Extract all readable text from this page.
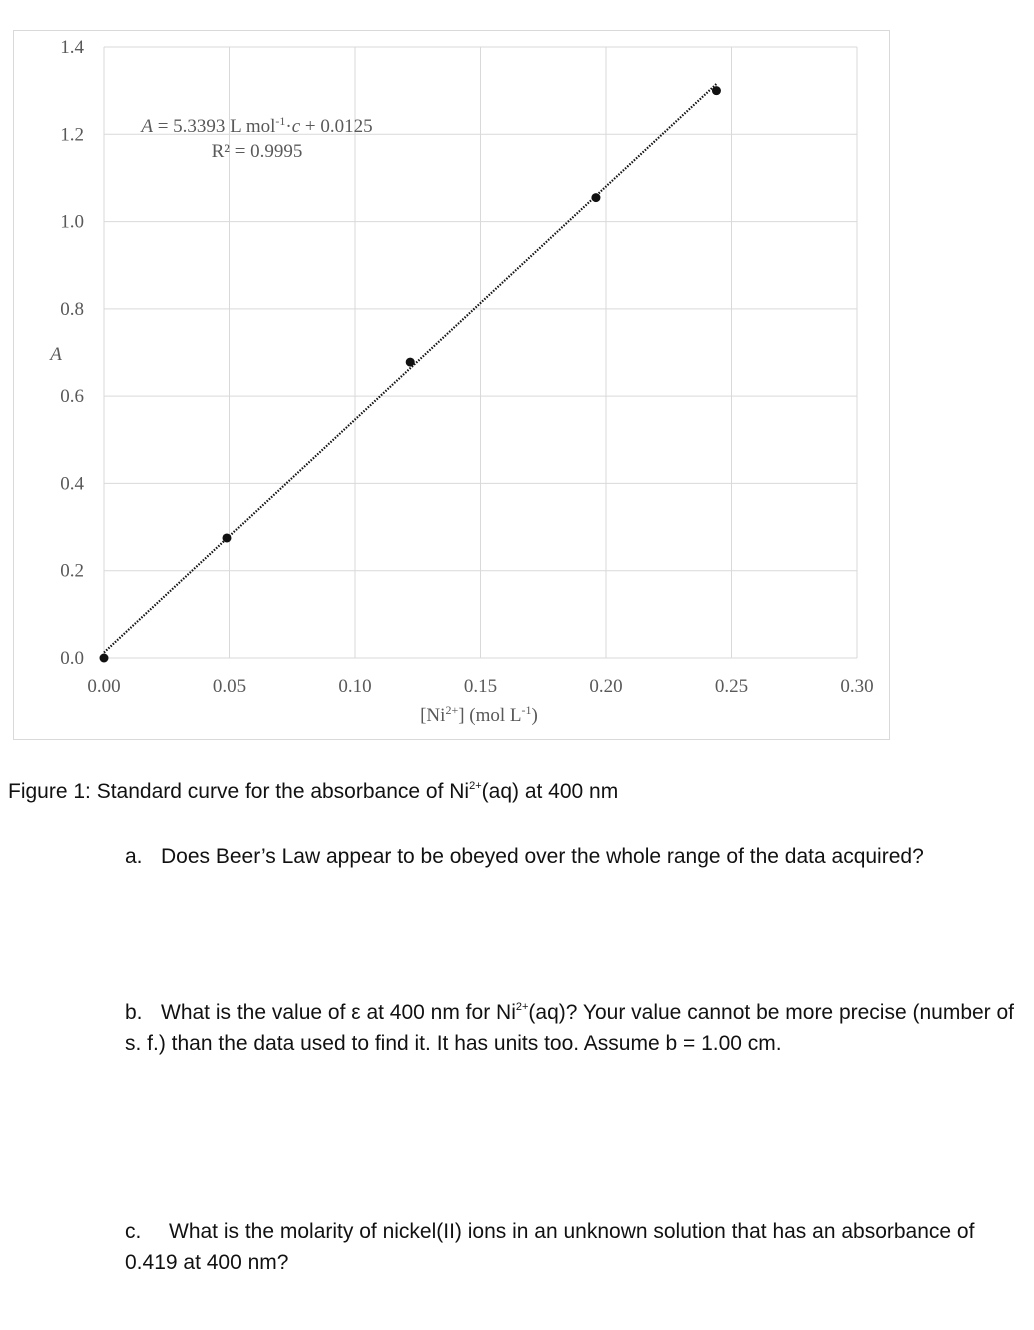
0.0
0.2
0.4
0.6
0.8
1.0
1.2
1.4
0.00	0.05	0.10	0.15	0.20	0.25	0.30
A = 5.3393 L mol$^{-1}$·c + 0.0125
R² = 0.9995
A
$[Ni^{2+}]$ (mol $L^{-1}$)
Figure 1: Standard curve for the absorbance of $Ni^{2+}(aq)$ at 400 nm
a. Does Beer’s Law appear to be obeyed over the whole range of the data acquired?
b. What is the value of ε at 400 nm for $Ni^{2+}(aq)$? Your value cannot be more precise (number of s. f.) than the data used to find it. It has units too. Assume b = 1.00 cm.
c. What is the molarity of nickel(II) ions in an unknown solution that has an absorbance of 0.419 at 400 nm?
